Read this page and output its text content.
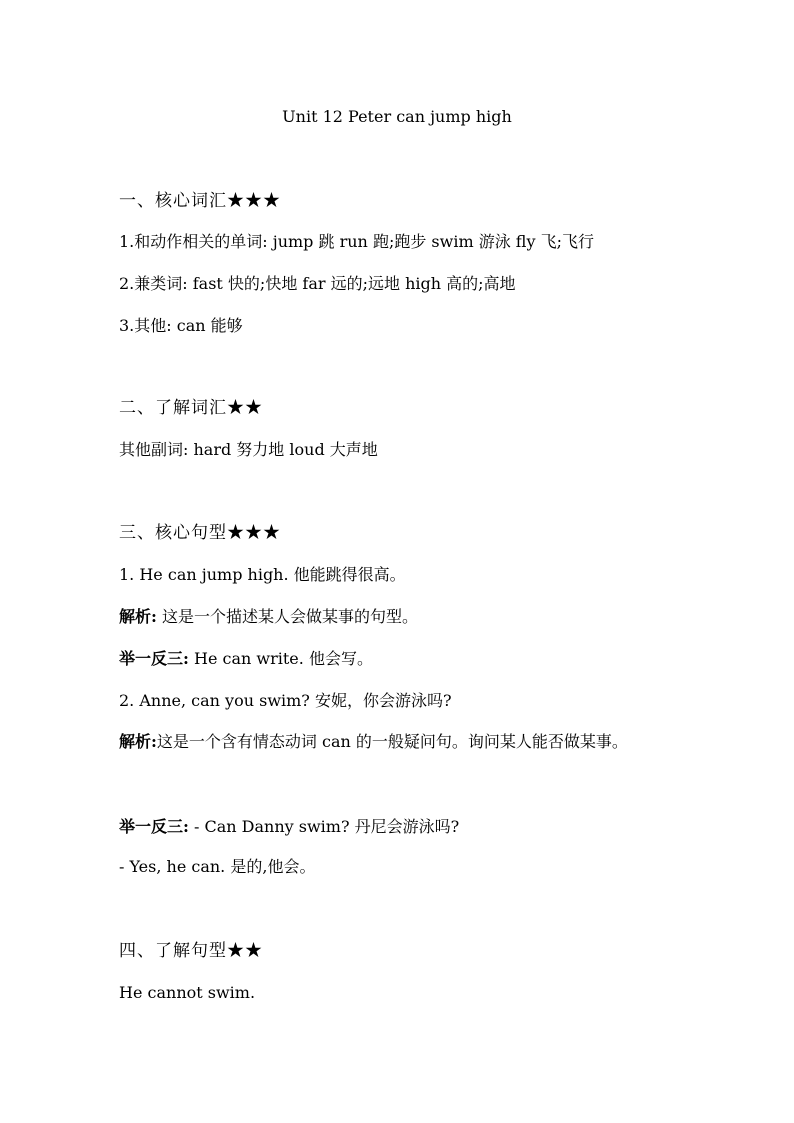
Unit 12 Peter can jump high
一、核心词汇★★★
1.和动作相关的单词: jump 跳 run 跑;跑步 swim 游泳 fly 飞;飞行
2.兼类词: fast 快的;快地 far 远的;远地 high 高的;高地
3.其他: can 能够
二、了解词汇★★
其他副词: hard 努力地 loud 大声地
三、核心句型★★★
1. He can jump high. 他能跳得很高。
解析: 这是一个描述某人会做某事的句型。
举一反三: He can write. 他会写。
2. Anne, can you swim? 安妮，你会游泳吗?
解析:这是一个含有情态动词 can 的一般疑问句。询问某人能否做某事。
举一反三: - Can Danny swim? 丹尼会游泳吗?
- Yes, he can. 是的,他会。
四、了解句型★★
He cannot swim.
